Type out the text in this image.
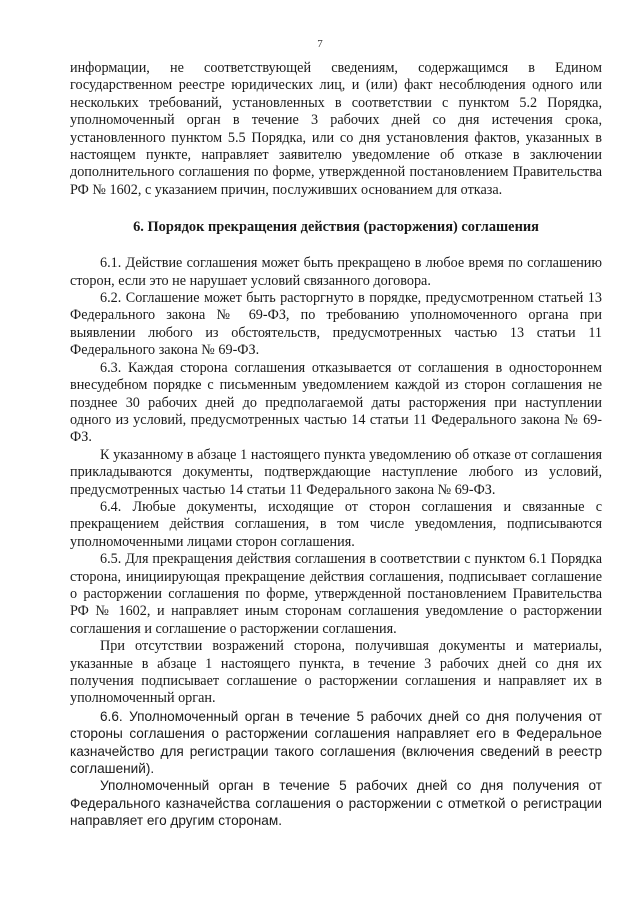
7

информации, не соответствующей сведениям, содержащимся в Едином государственном реестре юридических лиц, и (или) факт несоблюдения одного или нескольких требований, установленных в соответствии с пунктом 5.2 Порядка, уполномоченный орган в течение 3 рабочих дней со дня истечения срока, установленного пунктом 5.5 Порядка, или со дня установления фактов, указанных в настоящем пункте, направляет заявителю уведомление об отказе в заключении дополнительного соглашения по форме, утвержденной постановлением Правительства РФ № 1602, с указанием причин, послуживших основанием для отказа.

6. Порядок прекращения действия (расторжения) соглашения

6.1. Действие соглашения может быть прекращено в любое время по соглашению сторон, если это не нарушает условий связанного договора.

6.2. Соглашение может быть расторгнуто в порядке, предусмотренном статьей 13 Федерального закона № 69-ФЗ, по требованию уполномоченного органа при выявлении любого из обстоятельств, предусмотренных частью 13 статьи 11 Федерального закона № 69-ФЗ.

6.3. Каждая сторона соглашения отказывается от соглашения в одностороннем внесудебном порядке с письменным уведомлением каждой из сторон соглашения не позднее 30 рабочих дней до предполагаемой даты расторжения при наступлении одного из условий, предусмотренных частью 14 статьи 11 Федерального закона № 69-ФЗ.

К указанному в абзаце 1 настоящего пункта уведомлению об отказе от соглашения прикладываются документы, подтверждающие наступление любого из условий, предусмотренных частью 14 статьи 11 Федерального закона № 69-ФЗ.

6.4. Любые документы, исходящие от сторон соглашения и связанные с прекращением действия соглашения, в том числе уведомления, подписываются уполномоченными лицами сторон соглашения.

6.5. Для прекращения действия соглашения в соответствии с пунктом 6.1 Порядка сторона, инициирующая прекращение действия соглашения, подписывает соглашение о расторжении соглашения по форме, утвержденной постановлением Правительства РФ № 1602, и направляет иным сторонам соглашения уведомление о расторжении соглашения и соглашение о расторжении соглашения.

При отсутствии возражений сторона, получившая документы и материалы, указанные в абзаце 1 настоящего пункта, в течение 3 рабочих дней со дня их получения подписывает соглашение о расторжении соглашения и направляет их в уполномоченный орган.

6.6. Уполномоченный орган в течение 5 рабочих дней со дня получения от стороны соглашения о расторжении соглашения направляет его в Федеральное казначейство для регистрации такого соглашения (включения сведений в реестр соглашений).

Уполномоченный орган в течение 5 рабочих дней со дня получения от Федерального казначейства соглашения о расторжении с отметкой о регистрации направляет его другим сторонам.
